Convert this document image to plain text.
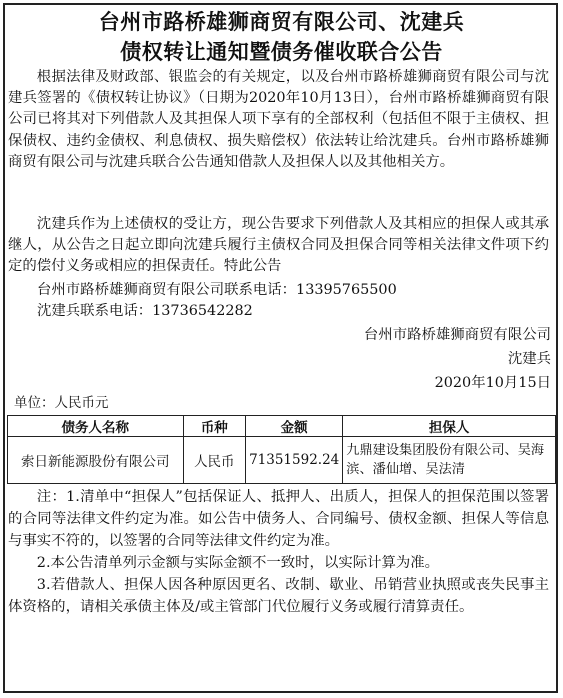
台州市路桥雄狮商贸有限公司、沈建兵
债权转让通知暨债务催收联合公告
根据法律及财政部、银监会的有关规定，以及台州市路桥雄狮商贸有限公司与沈建兵签署的《债权转让协议》（日期为2020年10月13日），台州市路桥雄狮商贸有限公司已将其对下列借款人及其担保人项下享有的全部权利（包括但不限于主债权、担保债权、违约金债权、利息债权、损失赔偿权）依法转让给沈建兵。台州市路桥雄狮商贸有限公司与沈建兵联合公告通知借款人及担保人以及其他相关方。
沈建兵作为上述债权的受让方，现公告要求下列借款人及其相应的担保人或其承继人，从公告之日起立即向沈建兵履行主债权合同及担保合同等相关法律文件项下约定的偿付义务或相应的担保责任。特此公告
台州市路桥雄狮商贸有限公司联系电话：13395765500
沈建兵联系电话：13736542282
台州市路桥雄狮商贸有限公司
沈建兵
2020年10月15日
单位：人民币元
债务人名称	币种	金额	担保人
索日新能源股份有限公司	人民币	71351592.24	九鼎建设集团股份有限公司、吴海滨、潘仙增、吴法清

注：1.清单中“担保人”包括保证人、抵押人、出质人，担保人的担保范围以签署的合同等法律文件约定为准。如公告中债务人、合同编号、债权金额、担保人等信息与事实不符的，以签署的合同等法律文件约定为准。

2.本公告清单列示金额与实际金额不一致时，以实际计算为准。

3.若借款人、担保人因各种原因更名、改制、歇业、吊销营业执照或丧失民事主体资格的，请相关承债主体及/或主管部门代位履行义务或履行清算责任。
